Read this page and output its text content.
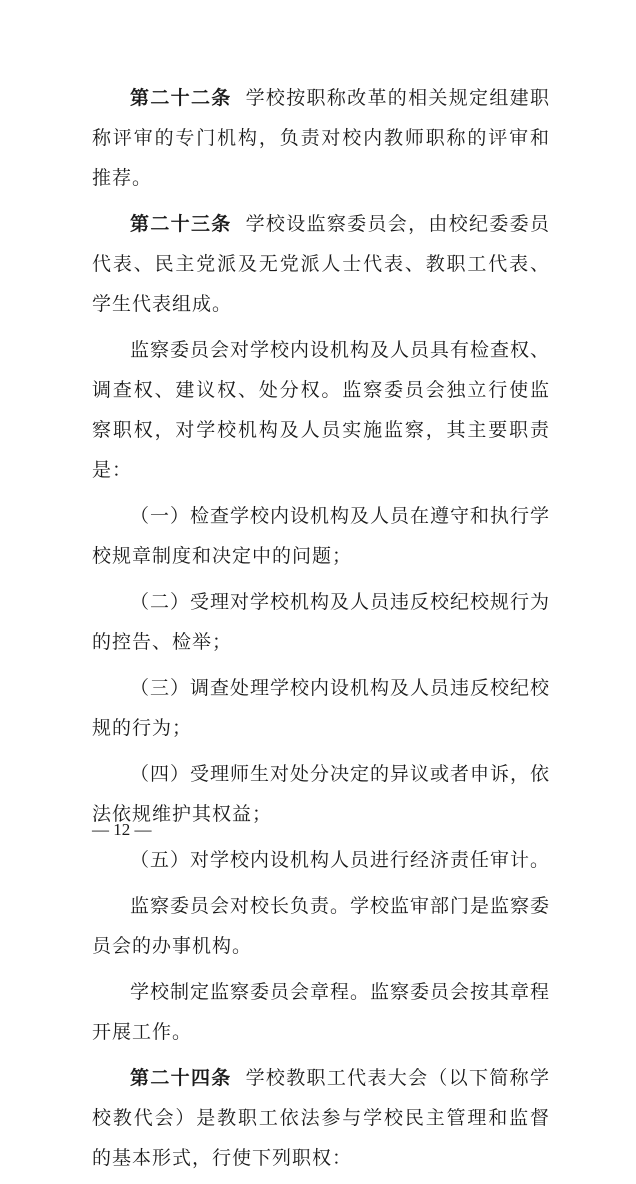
第二十二条 学校按职称改革的相关规定组建职称评审的专门机构，负责对校内教师职称的评审和推荐。

第二十三条 学校设监察委员会，由校纪委委员代表、民主党派及无党派人士代表、教职工代表、学生代表组成。

监察委员会对学校内设机构及人员具有检查权、调查权、建议权、处分权。监察委员会独立行使监察职权，对学校机构及人员实施监察，其主要职责是：

（一）检查学校内设机构及人员在遵守和执行学校规章制度和决定中的问题；

（二）受理对学校机构及人员违反校纪校规行为的控告、检举；

（三）调查处理学校内设机构及人员违反校纪校规的行为；

（四）受理师生对处分决定的异议或者申诉，依法依规维护其权益；

（五）对学校内设机构人员进行经济责任审计。

监察委员会对校长负责。学校监审部门是监察委员会的办事机构。

学校制定监察委员会章程。监察委员会按其章程开展工作。

第二十四条 学校教职工代表大会（以下简称学校教代会）是教职工依法参与学校民主管理和监督的基本形式，行使下列职权：

— 12 —
